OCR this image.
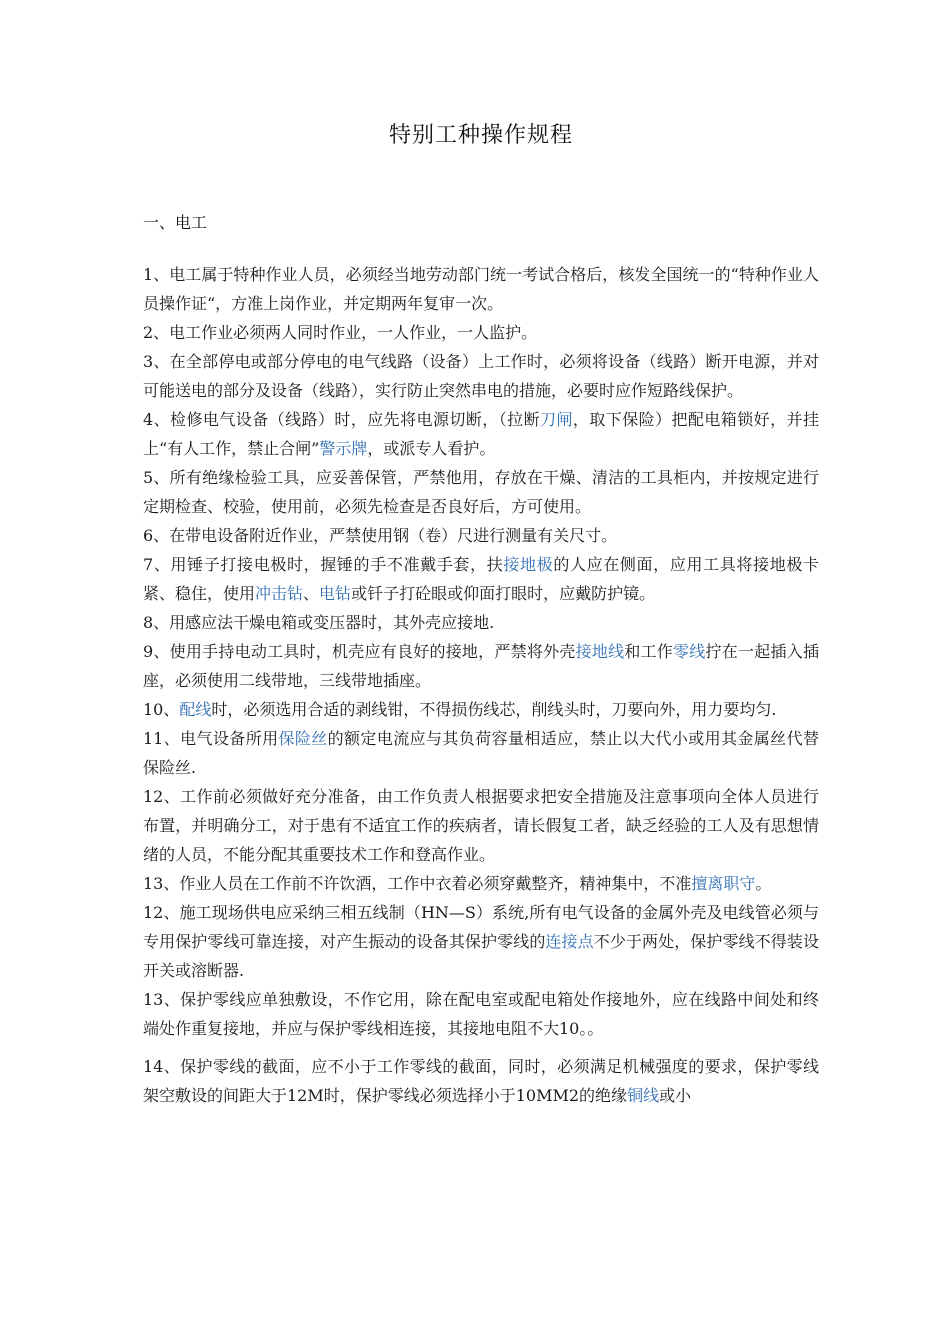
特别工种操作规程
一、电工

1、电工属于特种作业人员，必须经当地劳动部门统一考试合格后，核发全国统一的“特种作业人员操作证“，方准上岗作业，并定期两年复审一次。

2、电工作业必须两人同时作业，一人作业，一人监护。

3、在全部停电或部分停电的电气线路（设备）上工作时，必须将设备（线路）断开电源，并对可能送电的部分及设备（线路），实行防止突然串电的措施，必要时应作短路线保护。

4、检修电气设备（线路）时，应先将电源切断，（拉断刀闸，取下保险）把配电箱锁好，并挂上“有人工作，禁止合闸”警示牌，或派专人看护。

5、所有绝缘检验工具，应妥善保管，严禁他用，存放在干燥、清洁的工具柜内，并按规定进行定期检查、校验，使用前，必须先检查是否良好后，方可使用。

6、在带电设备附近作业，严禁使用钢（卷）尺进行测量有关尺寸。

7、用锤子打接电极时，握锤的手不准戴手套，扶接地极的人应在侧面，应用工具将接地极卡紧、稳住，使用冲击钻、电钻或钎子打砼眼或仰面打眼时，应戴防护镜。

8、用感应法干燥电箱或变压器时，其外壳应接地.

9、使用手持电动工具时，机壳应有良好的接地，严禁将外壳接地线和工作零线拧在一起插入插座，必须使用二线带地，三线带地插座。

10、配线时，必须选用合适的剥线钳，不得损伤线芯，削线头时，刀要向外，用力要均匀.

11、电气设备所用保险丝的额定电流应与其负荷容量相适应，禁止以大代小或用其金属丝代替保险丝.

12、工作前必须做好充分准备，由工作负责人根据要求把安全措施及注意事项向全体人员进行布置，并明确分工，对于患有不适宜工作的疾病者，请长假复工者，缺乏经验的工人及有思想情绪的人员，不能分配其重要技术工作和登高作业。

13、作业人员在工作前不许饮酒，工作中衣着必须穿戴整齐，精神集中，不准擅离职守。

12、施工现场供电应采纳三相五线制（HN—S）系统,所有电气设备的金属外壳及电线管必须与专用保护零线可靠连接，对产生振动的设备其保护零线的连接点不少于两处，保护零线不得装设开关或溶断器.

13、保护零线应单独敷设，不作它用，除在配电室或配电箱处作接地外，应在线路中间处和终端处作重复接地，并应与保护零线相连接，其接地电阻不大10。。

14、保护零线的截面，应不小于工作零线的截面，同时，必须满足机械强度的要求，保护零线架空敷设的间距大于12M时，保护零线必须选择小于10MM2的绝缘铜线或小
